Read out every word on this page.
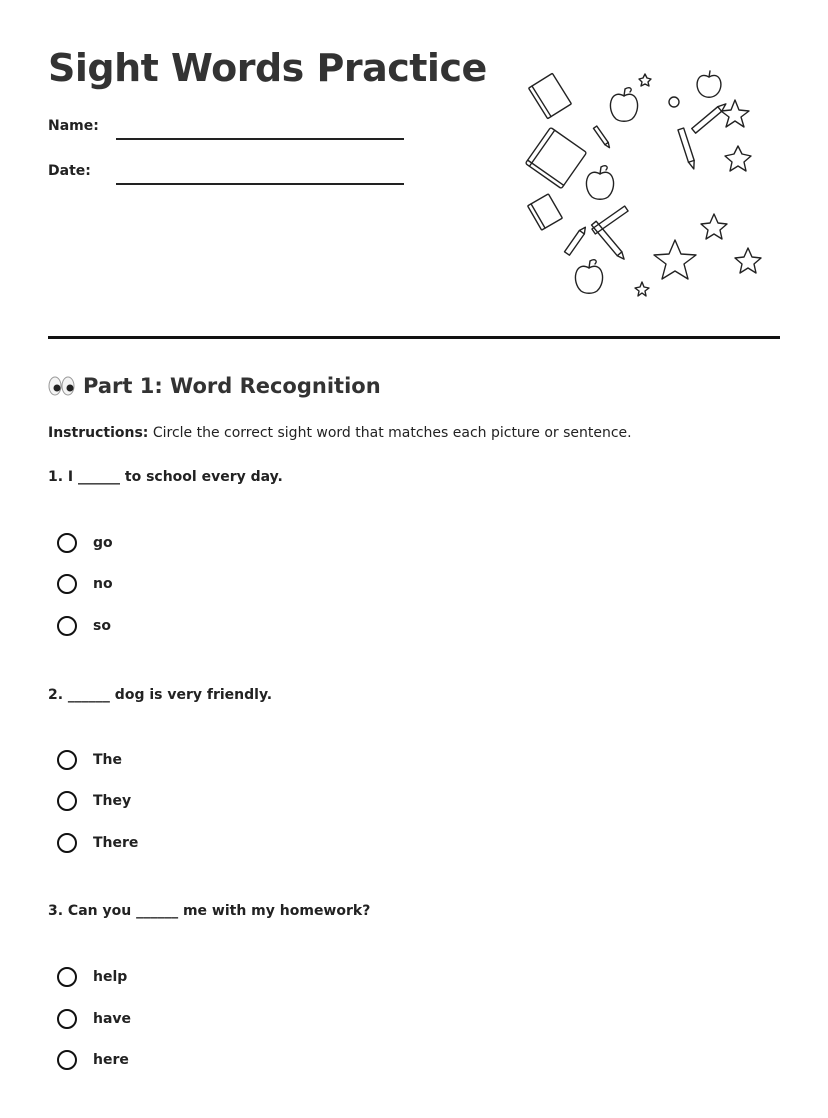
Sight Words Practice
Name:
Date:
Part 1: Word Recognition
Instructions: Circle the correct sight word that matches each picture or sentence.
1. I ______ to school every day.
go
no
so
2. ______ dog is very friendly.
The
They
There
3. Can you ______ me with my homework?
help
have
here
